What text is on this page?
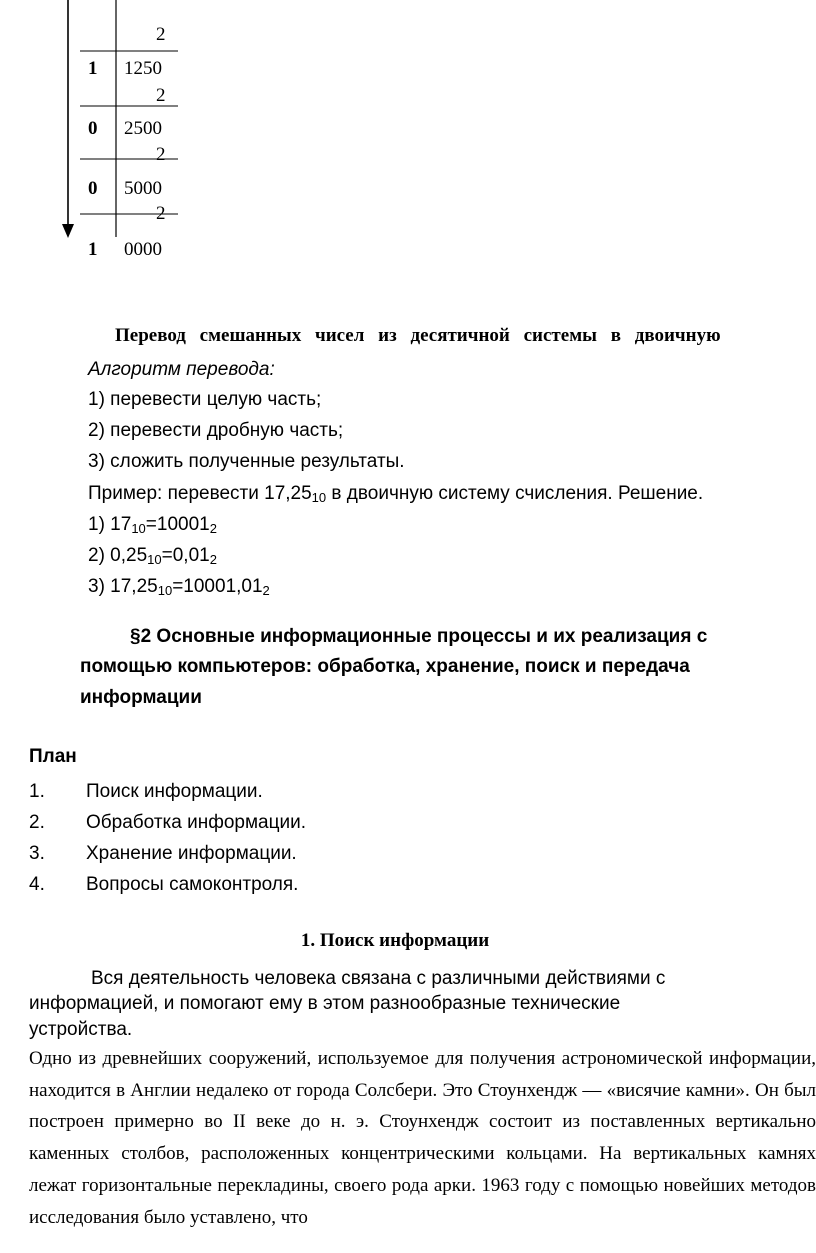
2
1 1250
2
0 2500
2
0 5000
2
1 0000
Перевод смешанных чисел из десятичной системы в двоичную
Алгоритм перевода:
1) перевести целую часть;
2) перевести дробную часть;
3) сложить полученные результаты.
Пример: перевести $17,25_{10}$ в двоичную систему счисления. Решение.
1) $17_{10}=10001_2$
2) $0,25_{10}=0,01_2$
3) $17,25_{10}=10001,01_2$
§2 Основные информационные процессы и их реализация с
помощью компьютеров: обработка, хранение, поиск и передача
информации
План
1. Поиск информации.
2. Обработка информации.
3. Хранение информации.
4. Вопросы самоконтроля.
1. Поиск информации
Вся деятельность человека связана с различными действиями с
информацией, и помогают ему в этом разнообразные технические
устройства.
Одно из древнейших сооружений, используемое для получения астрономической информации, находится в Англии недалеко от города Солсбери. Это Стоунхендж — «висячие камни». Он был построен примерно во II веке до н. э. Стоунхендж состоит из поставленных вертикально каменных столбов, расположенных концентрическими кольцами. На вертикальных камнях лежат горизонтальные перекладины, своего рода арки. 1963 году с помощью новейших методов исследования было уставлено, что
